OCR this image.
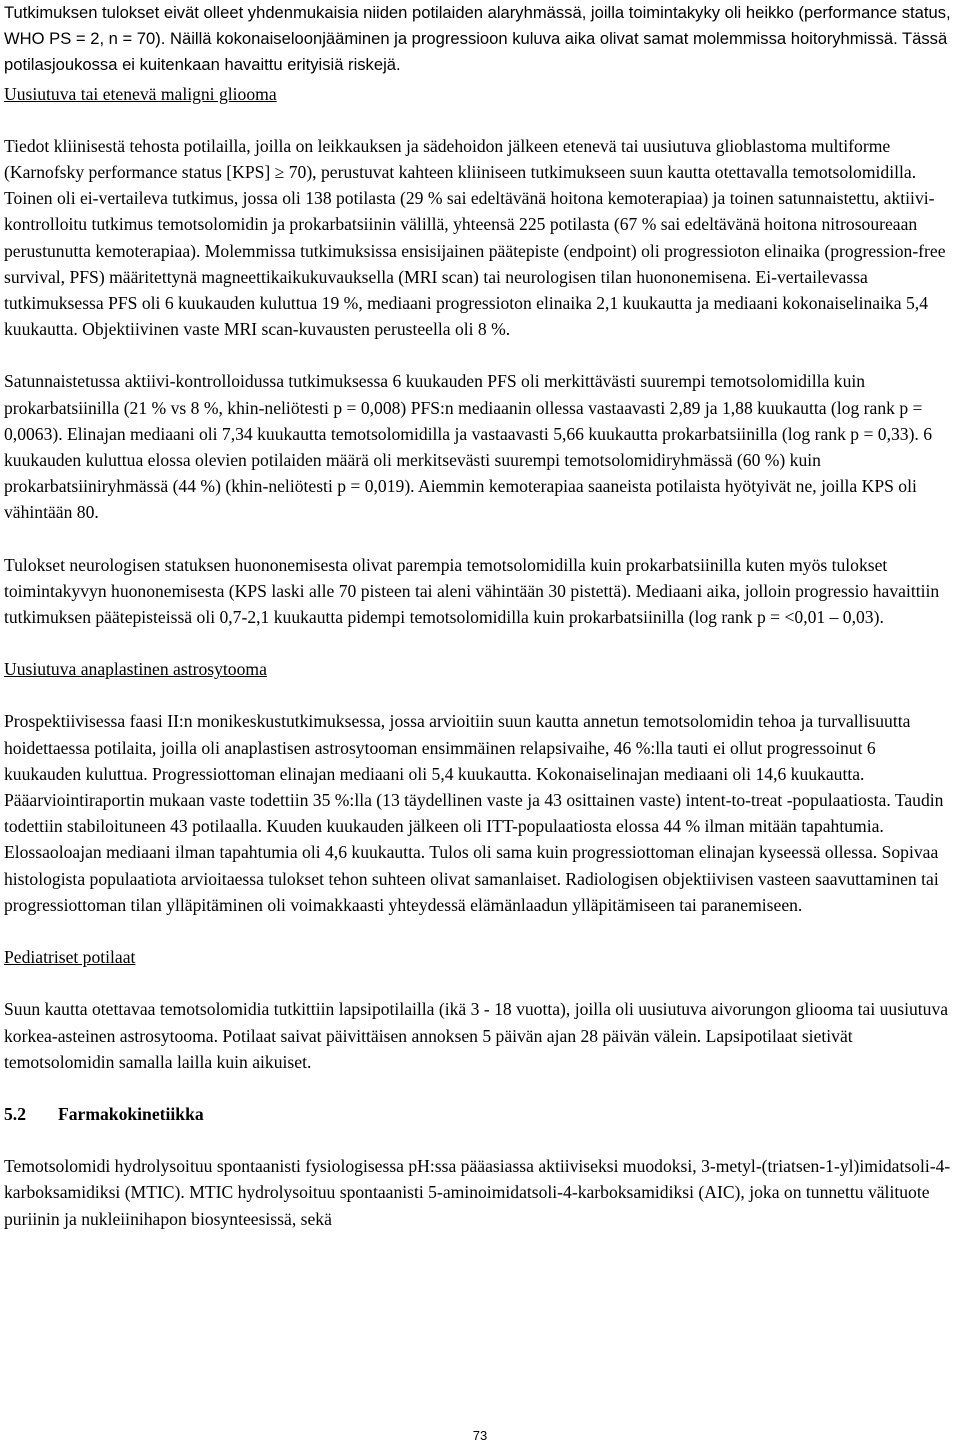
Tutkimuksen tulokset eivät olleet yhdenmukaisia niiden potilaiden alaryhmässä, joilla toimintakyky oli heikko (performance status, WHO PS = 2, n = 70). Näillä kokonaiseloonjääminen ja progressioon kuluva aika olivat samat molemmissa hoitoryhmissä. Tässä potilasjoukossa ei kuitenkaan havaittu erityisiä riskejä.

Uusiutuva tai etenevä maligni gliooma

Tiedot kliinisestä tehosta potilailla, joilla on leikkauksen ja sädehoidon jälkeen etenevä tai uusiutuva glioblastoma multiforme (Karnofsky performance status [KPS] ≥ 70), perustuvat kahteen kliiniseen tutkimukseen suun kautta otettavalla temotsolomidilla. Toinen oli ei-vertaileva tutkimus, jossa oli 138 potilasta (29 % sai edeltävänä hoitona kemoterapiaa) ja toinen satunnaistettu, aktiivi-kontrolloitu tutkimus temotsolomidin ja prokarbatsiinin välillä, yhteensä 225 potilasta (67 % sai edeltävänä hoitona nitrosoureaan perustunutta kemoterapiaa). Molemmissa tutkimuksissa ensisijainen päätepiste (endpoint) oli progressioton elinaika (progression-free survival, PFS) määritettynä magneettikaikukuvauksella (MRI scan) tai neurologisen tilan huononemisena. Ei-vertailevassa tutkimuksessa PFS oli 6 kuukauden kuluttua 19 %, mediaani progressioton elinaika 2,1 kuukautta ja mediaani kokonaiselinaika 5,4 kuukautta. Objektiivinen vaste MRI scan-kuvausten perusteella oli 8 %.

Satunnaistetussa aktiivi-kontrolloidussa tutkimuksessa 6 kuukauden PFS oli merkittävästi suurempi temotsolomidilla kuin prokarbatsiinilla (21 % vs 8 %, khin-neliötesti p = 0,008) PFS:n mediaanin ollessa vastaavasti 2,89 ja 1,88 kuukautta (log rank p = 0,0063). Elinajan mediaani oli 7,34 kuukautta temotsolomidilla ja vastaavasti 5,66 kuukautta prokarbatsiinilla (log rank p = 0,33). 6 kuukauden kuluttua elossa olevien potilaiden määrä oli merkitsevästi suurempi temotsolomidiryhmässä (60 %) kuin prokarbatsiiniryhmässä (44 %) (khin-neliötesti p = 0,019). Aiemmin kemoterapiaa saaneista potilaista hyötyivät ne, joilla KPS oli vähintään 80.

Tulokset neurologisen statuksen huononemisesta olivat parempia temotsolomidilla kuin prokarbatsiinilla kuten myös tulokset toimintakyvyn huononemisesta (KPS laski alle 70 pisteen tai aleni vähintään 30 pistettä). Mediaani aika, jolloin progressio havaittiin tutkimuksen päätepisteissä oli 0,7-2,1 kuukautta pidempi temotsolomidilla kuin prokarbatsiinilla (log rank p = <0,01 – 0,03).

Uusiutuva anaplastinen astrosytooma

Prospektiivisessa faasi II:n monikeskustutkimuksessa, jossa arvioitiin suun kautta annetun temotsolomidin tehoa ja turvallisuutta hoidettaessa potilaita, joilla oli anaplastisen astrosytooman ensimmäinen relapsivaihe, 46 %:lla tauti ei ollut progressoinut 6 kuukauden kuluttua. Progressiottoman elinajan mediaani oli 5,4 kuukautta. Kokonaiselinajan mediaani oli 14,6 kuukautta. Pääarviointiraportin mukaan vaste todettiin 35 %:lla (13 täydellinen vaste ja 43 osittainen vaste) intent-to-treat -populaatiosta. Taudin todettiin stabiloituneen 43 potilaalla. Kuuden kuukauden jälkeen oli ITT-populaatiosta elossa 44 % ilman mitään tapahtumia. Elossaoloajan mediaani ilman tapahtumia oli 4,6 kuukautta. Tulos oli sama kuin progressiottoman elinajan kyseessä ollessa. Sopivaa histologista populaatiota arvioitaessa tulokset tehon suhteen olivat samanlaiset. Radiologisen objektiivisen vasteen saavuttaminen tai progressiottoman tilan ylläpitäminen oli voimakkaasti yhteydessä elämänlaadun ylläpitämiseen tai paranemiseen.

Pediatriset potilaat

Suun kautta otettavaa temotsolomidia tutkittiin lapsipotilailla (ikä 3 - 18 vuotta), joilla oli uusiutuva aivorungon gliooma tai uusiutuva korkea-asteinen astrosytooma. Potilaat saivat päivittäisen annoksen 5 päivän ajan 28 päivän välein. Lapsipotilaat sietivät temotsolomidin samalla lailla kuin aikuiset.

5.2 Farmakokinetiikka

Temotsolomidi hydrolysoituu spontaanisti fysiologisessa pH:ssa pääasiassa aktiiviseksi muodoksi, 3-metyl-(triatsen-1-yl)imidatsoli-4-karboksamidiksi (MTIC). MTIC hydrolysoituu spontaanisti 5-aminoimidatsoli-4-karboksamidiksi (AIC), joka on tunnettu välituote puriinin ja nukleiinihapon biosynteesissä, sekä

73
